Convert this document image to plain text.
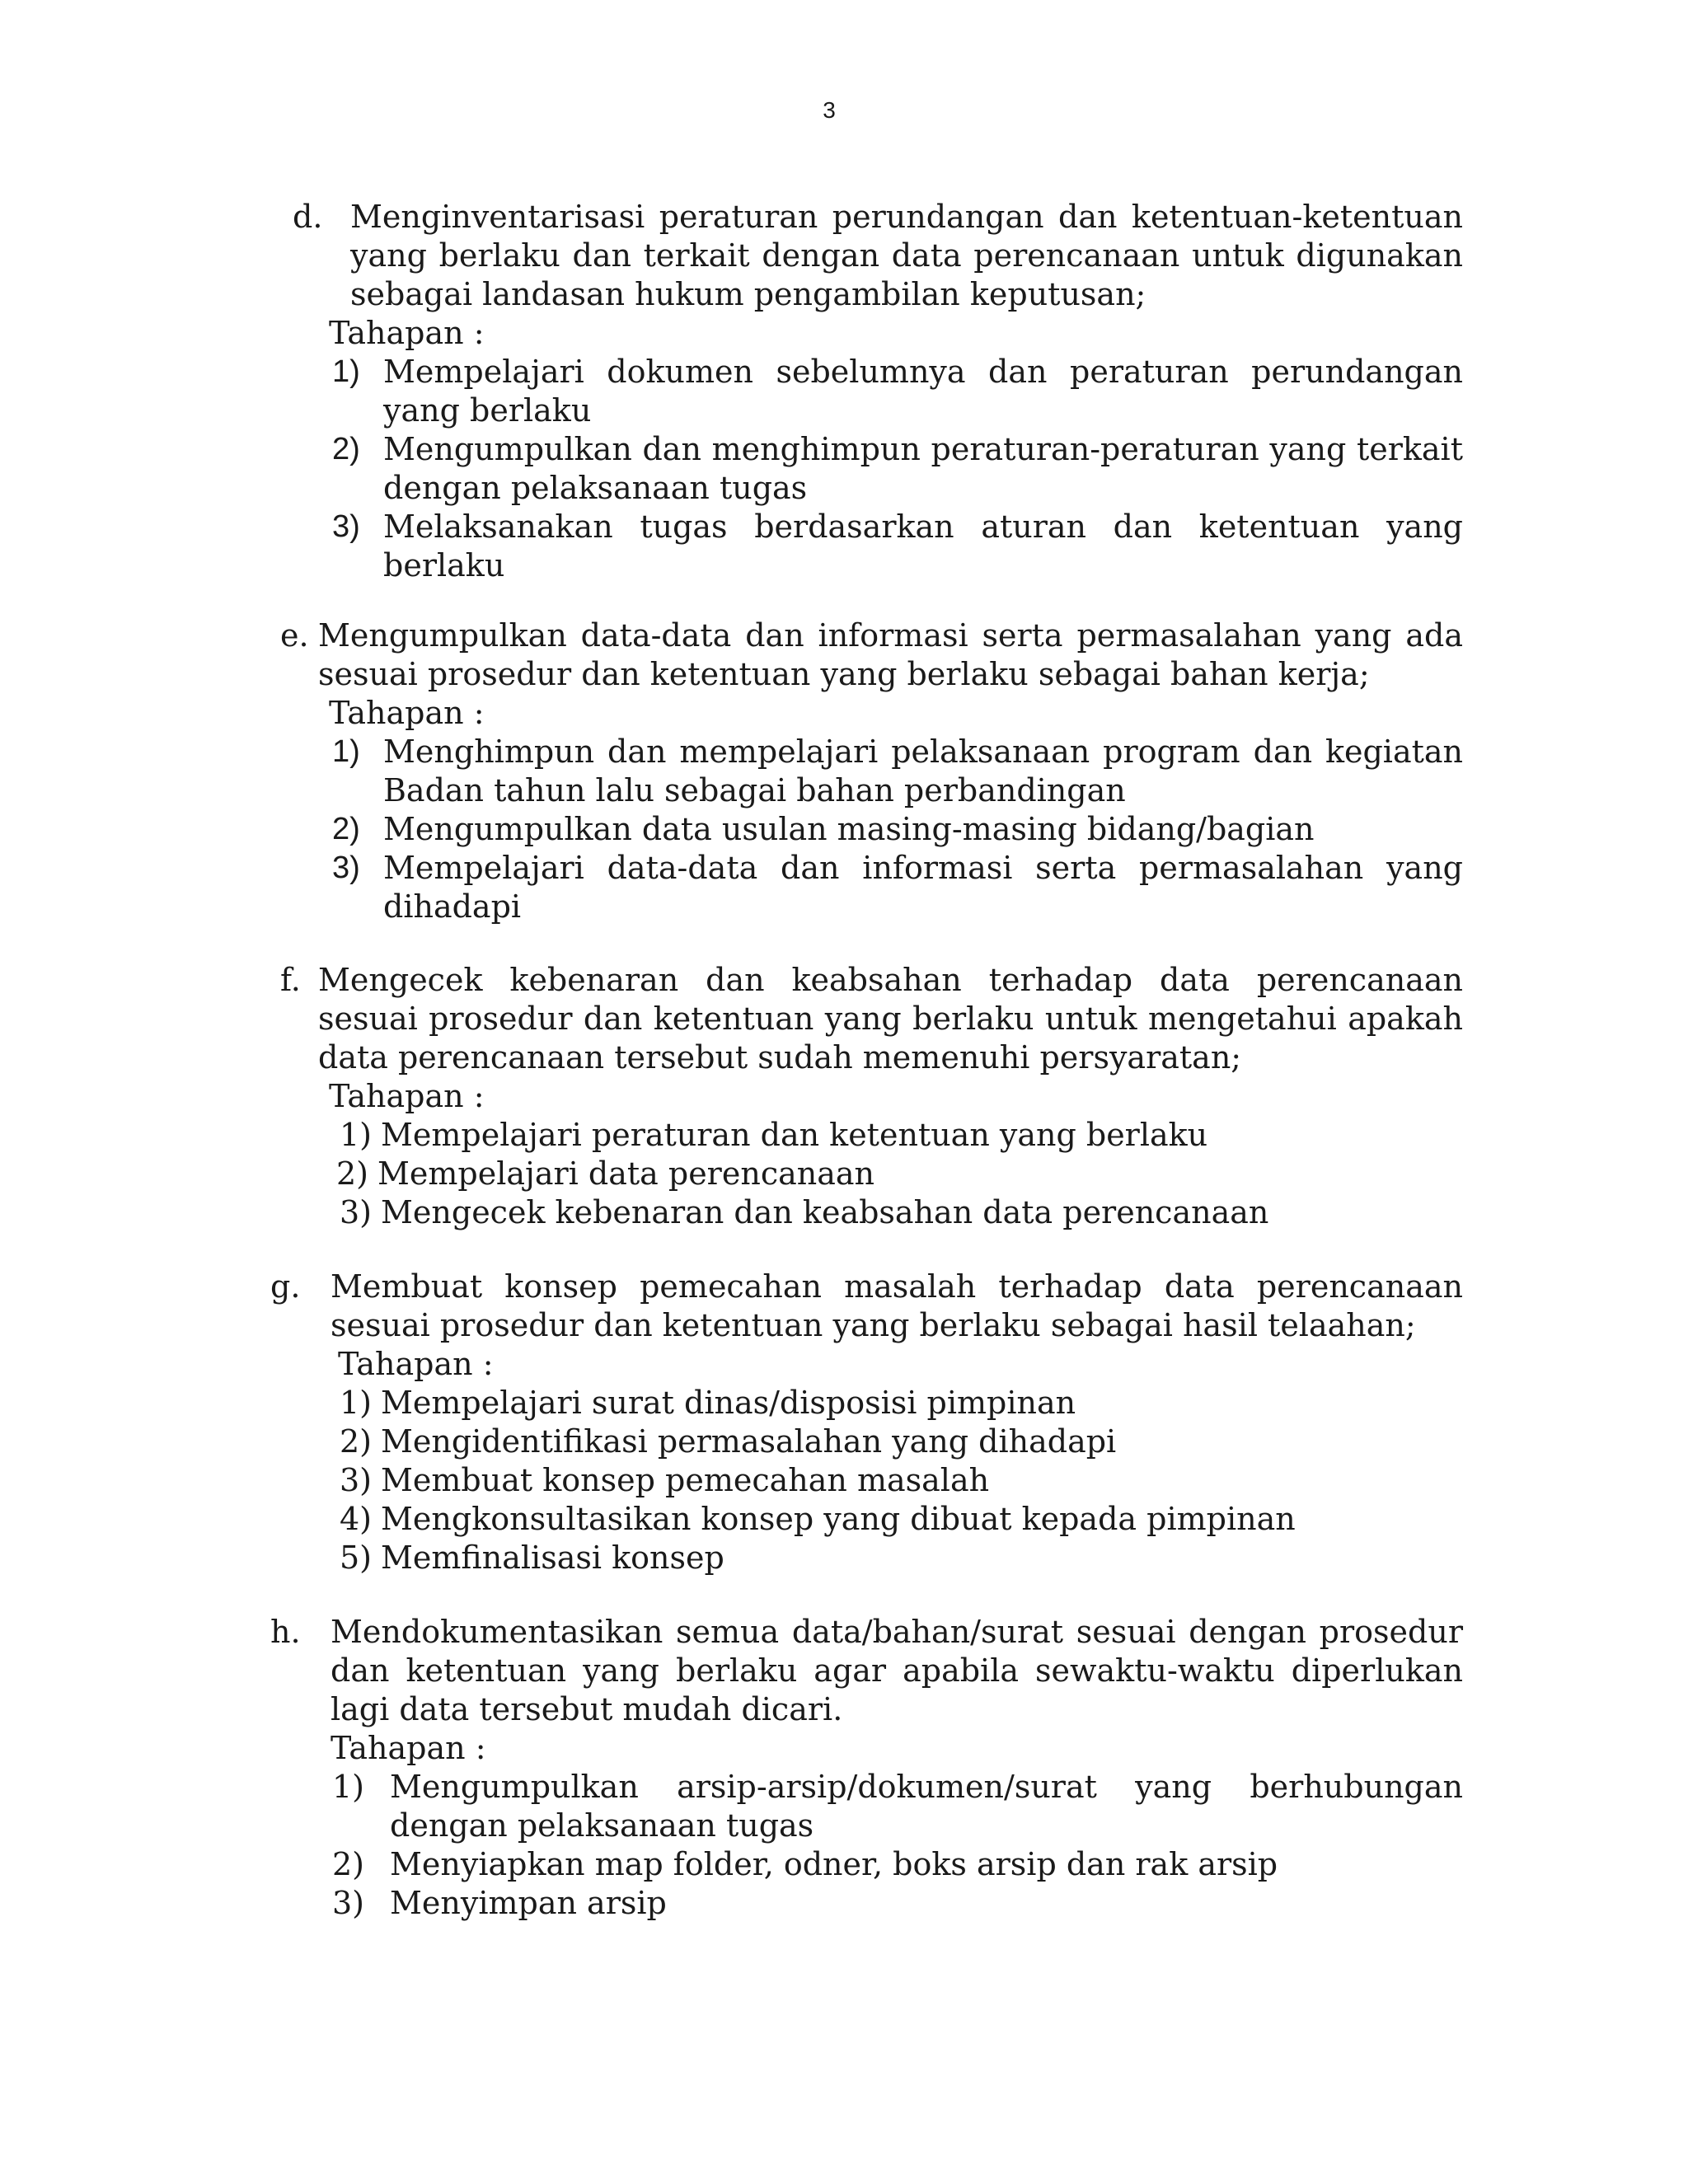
3
d. Menginventarisasi peraturan perundangan dan ketentuan-ketentuan yang berlaku dan terkait dengan data perencanaan untuk digunakan sebagai landasan hukum pengambilan keputusan;
Tahapan :
1) Mempelajari dokumen sebelumnya dan peraturan perundangan yang berlaku
2) Mengumpulkan dan menghimpun peraturan-peraturan yang terkait dengan pelaksanaan tugas
3) Melaksanakan tugas berdasarkan aturan dan ketentuan yang berlaku
e. Mengumpulkan data-data dan informasi serta permasalahan yang ada sesuai prosedur dan ketentuan yang berlaku sebagai bahan kerja;
Tahapan :
1) Menghimpun dan mempelajari pelaksanaan program dan kegiatan Badan tahun lalu sebagai bahan perbandingan
2) Mengumpulkan data usulan masing-masing bidang/bagian
3) Mempelajari data-data dan informasi serta permasalahan yang dihadapi
f. Mengecek kebenaran dan keabsahan terhadap data perencanaan sesuai prosedur dan ketentuan yang berlaku untuk mengetahui apakah data perencanaan tersebut sudah memenuhi persyaratan;
Tahapan :
1) Mempelajari peraturan dan ketentuan yang berlaku
2) Mempelajari data perencanaan
3) Mengecek kebenaran dan keabsahan data perencanaan
g. Membuat konsep pemecahan masalah terhadap data perencanaan sesuai prosedur dan ketentuan yang berlaku sebagai hasil telaahan;
Tahapan :
1) Mempelajari surat dinas/disposisi pimpinan
2) Mengidentifikasi permasalahan yang dihadapi
3) Membuat konsep pemecahan masalah
4) Mengkonsultasikan konsep yang dibuat kepada pimpinan
5) Memfinalisasi konsep
h. Mendokumentasikan semua data/bahan/surat sesuai dengan prosedur dan ketentuan yang berlaku agar apabila sewaktu-waktu diperlukan lagi data tersebut mudah dicari.
Tahapan :
1) Mengumpulkan arsip-arsip/dokumen/surat yang berhubungan dengan pelaksanaan tugas
2) Menyiapkan map folder, odner, boks arsip dan rak arsip
3) Menyimpan arsip
